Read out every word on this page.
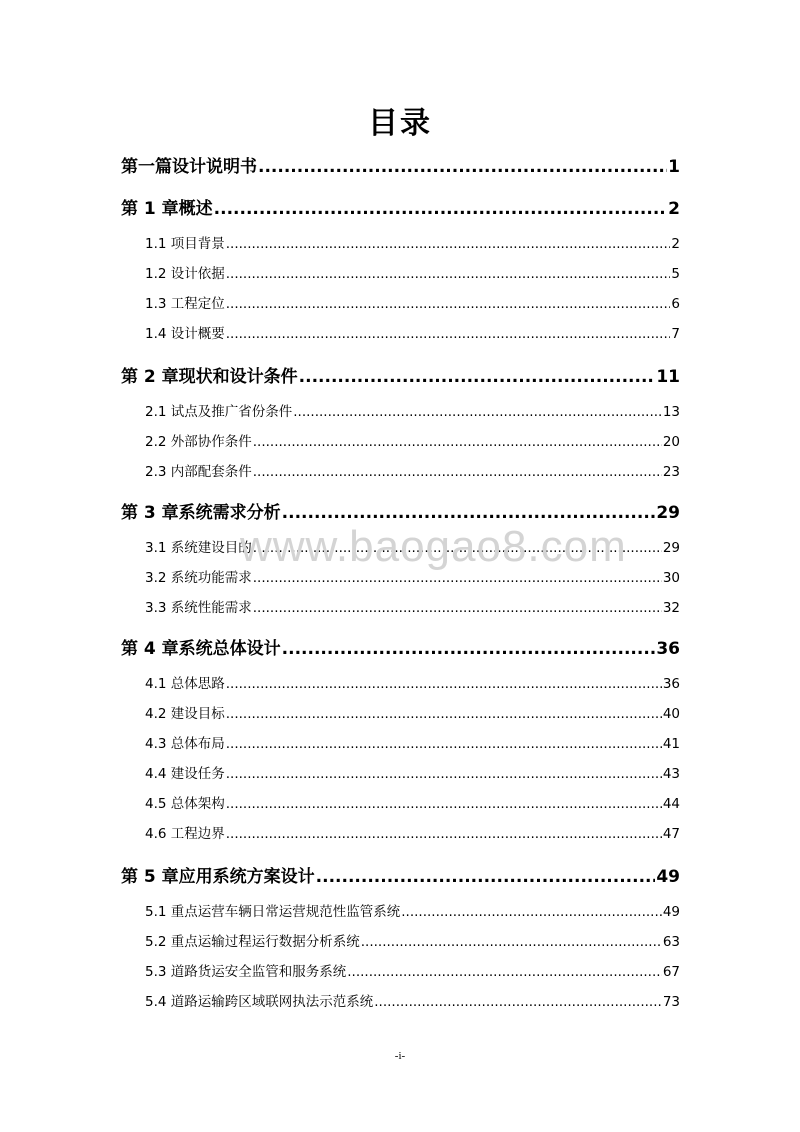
目录
第一篇设计说明书 .....	1
第 1 章概述 .....	2
1.1 项目背景 .....	2
1.2 设计依据 .....	5
1.3 工程定位 .....	6
1.4 设计概要 .....	7
第 2 章现状和设计条件 .....	11
2.1 试点及推广省份条件 .....	13
2.2 外部协作条件 .....	20
2.3 内部配套条件 .....	23
第 3 章系统需求分析 .....	29
3.1 系统建设目的 .....	29
3.2 系统功能需求 .....	30
3.3 系统性能需求 .....	32
第 4 章系统总体设计 .....	36
4.1 总体思路 .....	36
4.2 建设目标 .....	40
4.3 总体布局 .....	41
4.4 建设任务 .....	43
4.5 总体架构 .....	44
4.6 工程边界 .....	47
第 5 章应用系统方案设计 .....	49
5.1 重点运营车辆日常运营规范性监管系统 .....	49
5.2 重点运输过程运行数据分析系统 .....	63
5.3 道路货运安全监管和服务系统 .....	67
5.4 道路运输跨区域联网执法示范系统 .....	73
www.baogao8.com
-i-
